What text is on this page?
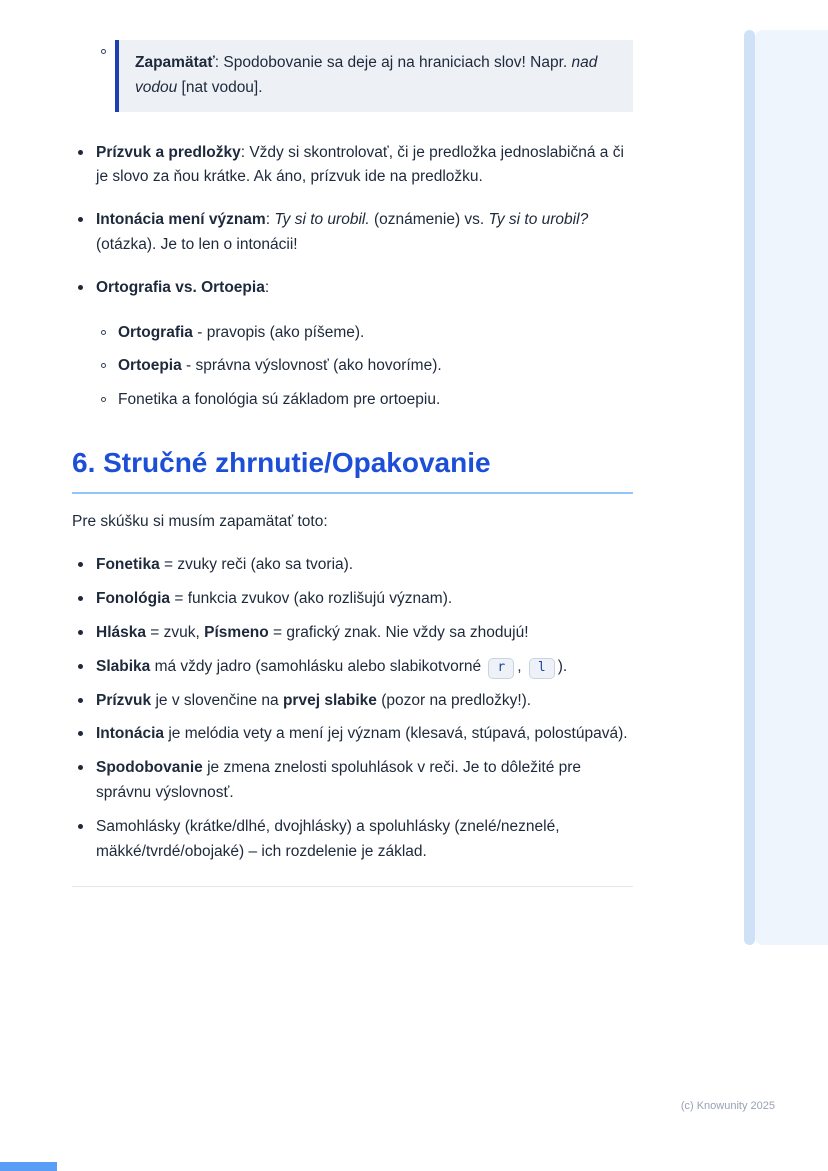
Zapamätať: Spodobovanie sa deje aj na hraniciach slov! Napr. nad vodou [nat vodou].

Prízvuk a predložky: Vždy si skontrolovať, či je predložka jednoslabičná a či je slovo za ňou krátke. Ak áno, prízvuk ide na predložku.

Intonácia mení význam: Ty si to urobil. (oznámenie) vs. Ty si to urobil? (otázka). Je to len o intonácii!

Ortografia vs. Ortoepia:

Ortografia - pravopis (ako píšeme).

Ortoepia - správna výslovnosť (ako hovoríme).

Fonetika a fonológia sú základom pre ortoepiu.

6. Stručné zhrnutie/Opakovanie

Pre skúšku si musím zapamätať toto:

Fonetika = zvuky reči (ako sa tvoria).

Fonológia = funkcia zvukov (ako rozlišujú význam).

Hláska = zvuk, Písmeno = grafický znak. Nie vždy sa zhodujú!

Slabika má vždy jadro (samohlásku alebo slabikotvorné r , l ).

Prízvuk je v slovenčine na prvej slabike (pozor na predložky!).

Intonácia je melódia vety a mení jej význam (klesavá, stúpavá, polostúpavá).

Spodobovanie je zmena znelosti spoluhlások v reči. Je to dôležité pre správnu výslovnosť.

Samohlásky (krátke/dlhé, dvojhlásky) a spoluhlásky (znelé/neznelé, mäkké/tvrdé/obojaké) – ich rozdelenie je základ.

(c) Knowunity 2025
